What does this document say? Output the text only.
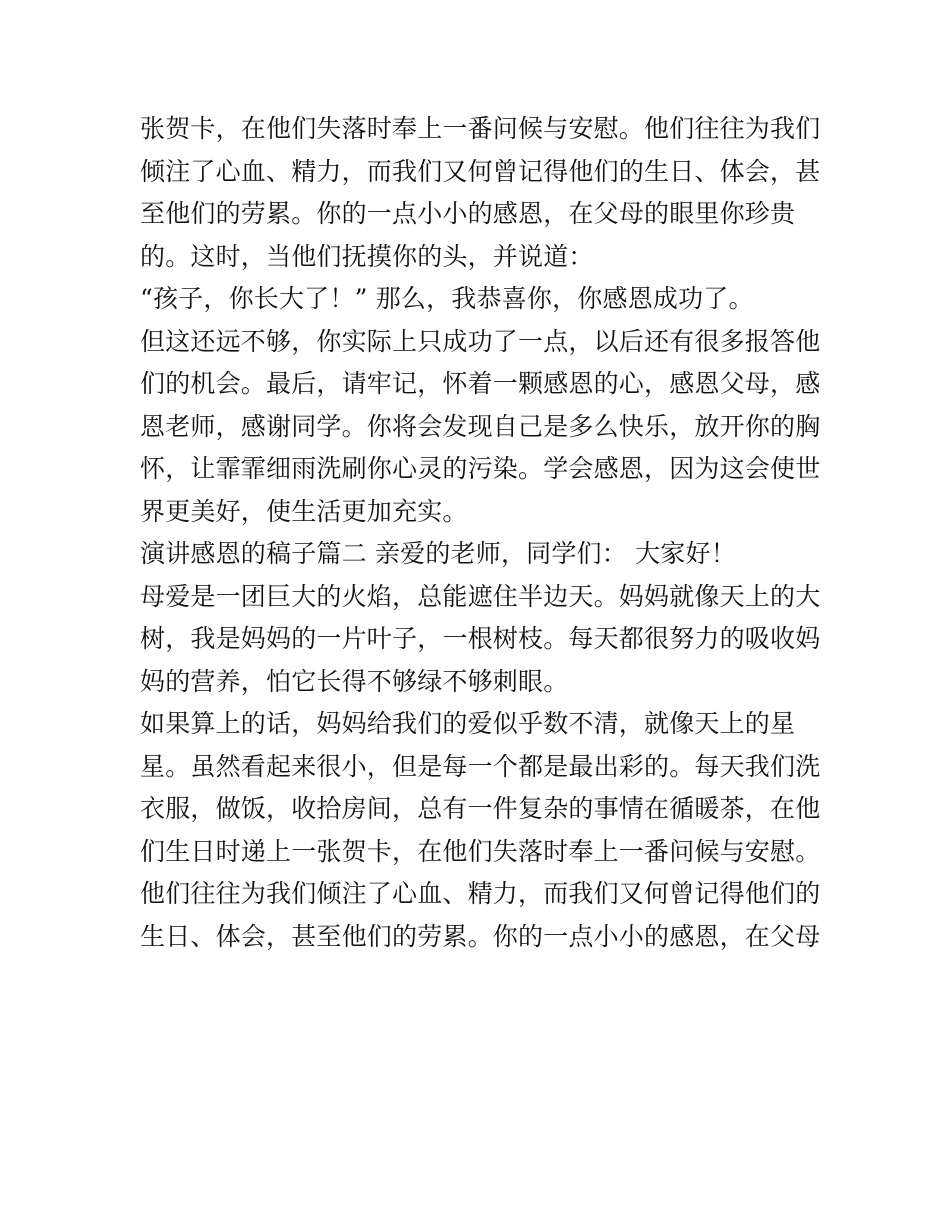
张贺卡，在他们失落时奉上一番问候与安慰。他们往往为我们
倾注了心血、精力，而我们又何曾记得他们的生日、体会，甚
至他们的劳累。你的一点小小的感恩，在父母的眼里你珍贵
的。这时，当他们抚摸你的头，并说道：
“孩子，你长大了！” 那么，我恭喜你，你感恩成功了。
但这还远不够，你实际上只成功了一点，以后还有很多报答他
们的机会。最后，请牢记，怀着一颗感恩的心，感恩父母，感
恩老师，感谢同学。你将会发现自己是多么快乐，放开你的胸
怀，让霏霏细雨洗刷你心灵的污染。学会感恩，因为这会使世
界更美好，使生活更加充实。
演讲感恩的稿子篇二 亲爱的老师，同学们： 大家好！
母爱是一团巨大的火焰，总能遮住半边天。妈妈就像天上的大
树，我是妈妈的一片叶子，一根树枝。每天都很努力的吸收妈
妈的营养，怕它长得不够绿不够刺眼。
如果算上的话，妈妈给我们的爱似乎数不清，就像天上的星
星。虽然看起来很小，但是每一个都是最出彩的。每天我们洗
衣服，做饭，收拾房间，总有一件复杂的事情在循暖茶，在他
们生日时递上一张贺卡，在他们失落时奉上一番问候与安慰。
他们往往为我们倾注了心血、精力，而我们又何曾记得他们的
生日、体会，甚至他们的劳累。你的一点小小的感恩，在父母
